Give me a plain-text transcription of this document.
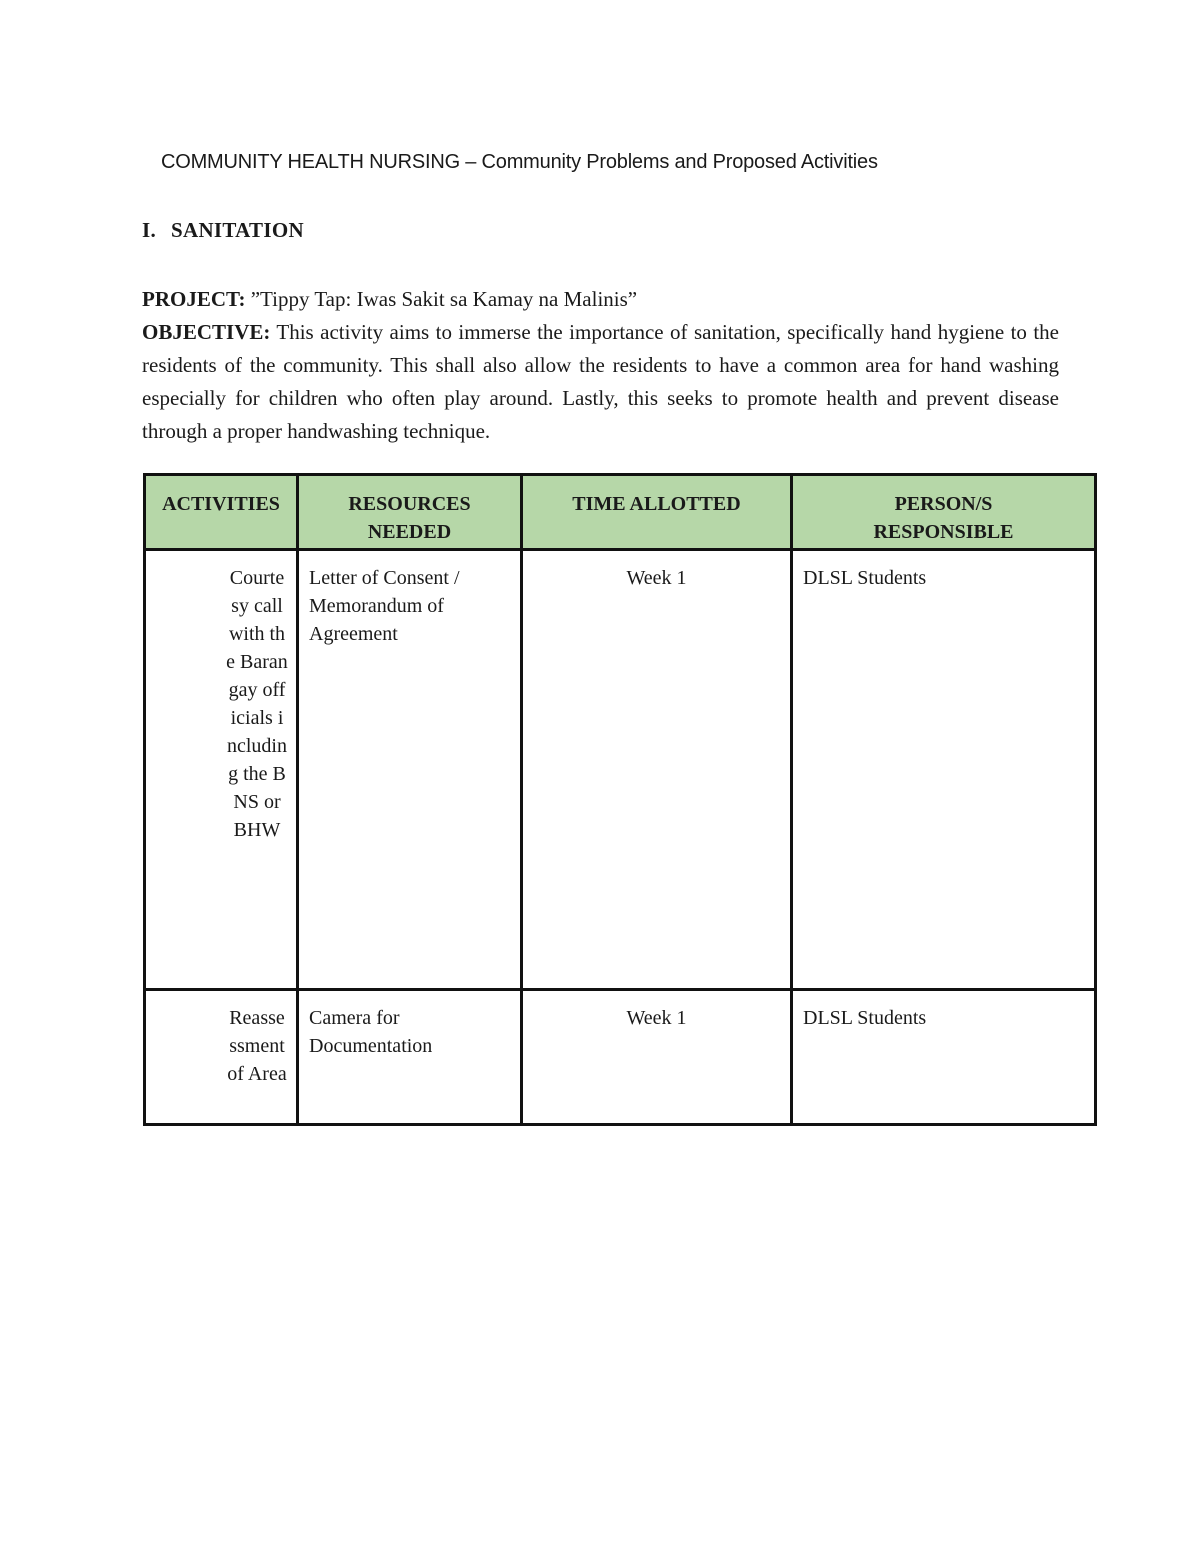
COMMUNITY HEALTH NURSING – Community Problems and Proposed Activities
I. SANITATION
PROJECT: ”Tippy Tap: Iwas Sakit sa Kamay na Malinis”
OBJECTIVE: This activity aims to immerse the importance of sanitation, specifically hand hygiene to the residents of the community. This shall also allow the residents to have a common area for hand washing especially for children who often play around. Lastly, this seeks to promote health and prevent disease through a proper handwashing technique.
ACTIVITIES	RESOURCES NEEDED	TIME ALLOTTED	PERSON/S RESPONSIBLE
Courtesy call with the Barangay officials including the BNS or BHW	Letter of Consent / Memorandum of Agreement	Week 1	DLSL Students
Reassessment of Area	Camera for Documentation	Week 1	DLSL Students
